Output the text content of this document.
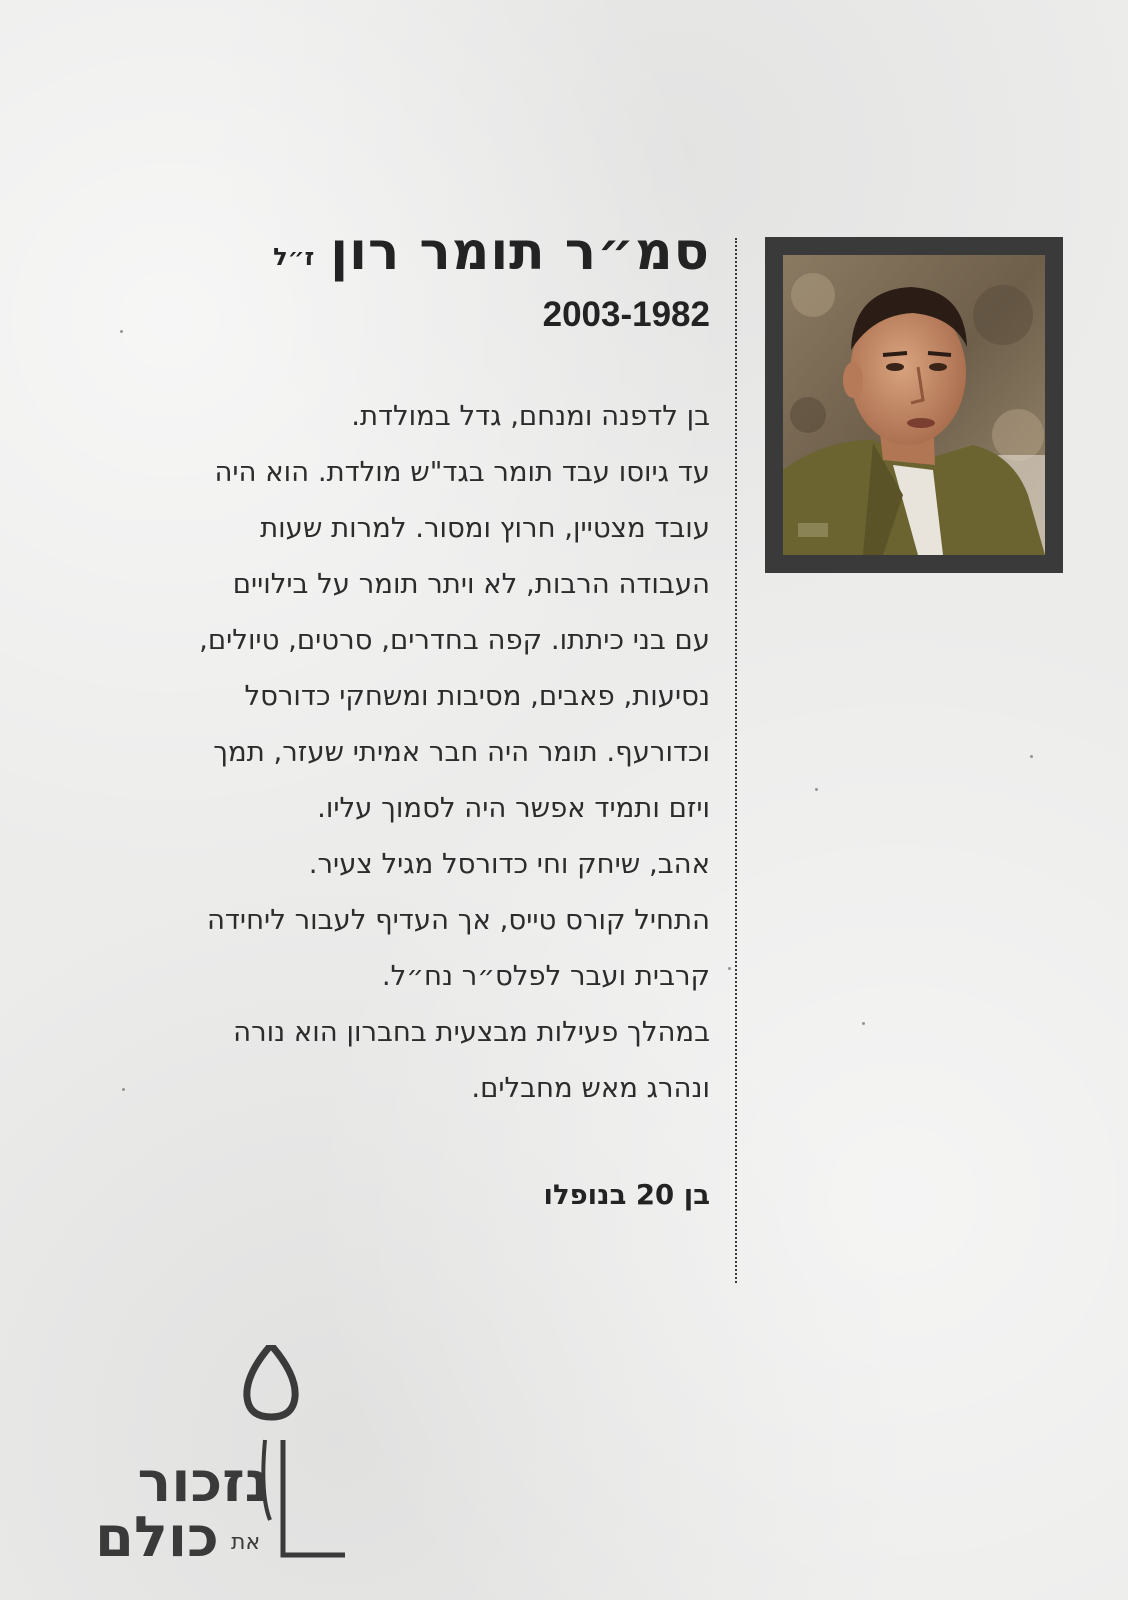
סמ״ר תומר רון
ז״ל
2003-1982
בן לדפנה ומנחם, גדל במולדת.
עד גיוסו עבד תומר בגד"ש מולדת. הוא היה
עובד מצטיין, חרוץ ומסור. למרות שעות
העבודה הרבות, לא ויתר תומר על בילויים
עם בני כיתתו. קפה בחדרים, סרטים, טיולים,
נסיעות, פאבים, מסיבות ומשחקי כדורסל
וכדורעף. תומר היה חבר אמיתי שעזר, תמך
ויזם ותמיד אפשר היה לסמוך עליו.
אהב, שיחק וחי כדורסל מגיל צעיר.
התחיל קורס טייס, אך העדיף לעבור ליחידה
קרבית ועבר לפלס״ר נח״ל.
במהלך פעילות מבצעית בחברון הוא נורה
ונהרג מאש מחבלים.
בן 20 בנופלו
נזכור
כולם את
